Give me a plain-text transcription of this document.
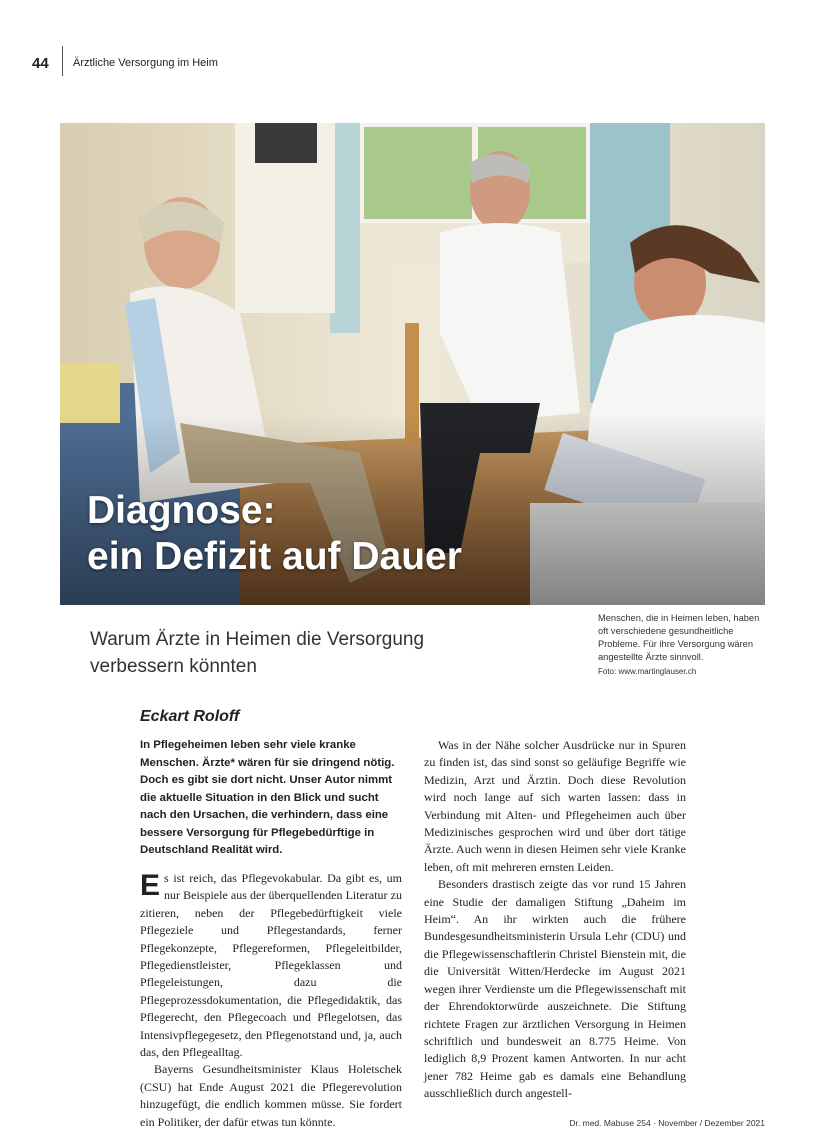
44 Ärztliche Versorgung im Heim
Diagnose:
ein Defizit auf Dauer
Menschen, die in Heimen leben, haben oft verschiedene gesundheitliche Probleme. Für ihre Versorgung wären angestellte Ärzte sinnvoll.
Foto: www.martinglauser.ch
Warum Ärzte in Heimen die Versorgung verbessern könnten
Eckart Roloff
In Pflegeheimen leben sehr viele kranke Menschen. Ärzte* wären für sie dringend nötig. Doch es gibt sie dort nicht. Unser Autor nimmt die aktuelle Situation in den Blick und sucht nach den Ursachen, die verhindern, dass eine bessere Versorgung für Pflegebedürftige in Deutschland Realität wird.

Es ist reich, das Pflegevokabular. Da gibt es, um nur Beispiele aus der überquellenden Literatur zu zitieren, neben der Pflegebedürftigkeit viele Pflegeziele und Pflegestandards, ferner Pflegekonzepte, Pflegereformen, Pflegeleitbilder, Pflegedienstleister, Pflegeklassen und Pflegeleistungen, dazu die Pflegeprozessdokumentation, die Pflegedidaktik, das Pflegerecht, den Pflegecoach und Pflegelotsen, das Intensivpflegegesetz, den Pflegenotstand und, ja, auch das, den Pflegealltag.

Bayerns Gesundheitsminister Klaus Holetschek (CSU) hat Ende August 2021 die Pflegerevolution hinzugefügt, die endlich kommen müsse. Sie fordert ein Politiker, der dafür etwas tun könnte.

Was in der Nähe solcher Ausdrücke nur in Spuren zu finden ist, das sind sonst so geläufige Begriffe wie Medizin, Arzt und Ärztin. Doch diese Revolution wird noch lange auf sich warten lassen: dass in Verbindung mit Alten- und Pflegeheimen auch über Medizinisches gesprochen wird und über dort tätige Ärzte. Auch wenn in diesen Heimen sehr viele Kranke leben, oft mit mehreren ernsten Leiden.

Besonders drastisch zeigte das vor rund 15 Jahren eine Studie der damaligen Stiftung „Daheim im Heim“. An ihr wirkten auch die frühere Bundesgesundheitsministerin Ursula Lehr (CDU) und die Pflegewissenschaftlerin Christel Bienstein mit, die die Universität Witten/Herdecke im August 2021 wegen ihrer Verdienste um die Pflegewissenschaft mit der Ehrendoktorwürde auszeichnete. Die Stiftung richtete Fragen zur ärztlichen Versorgung in Heimen schriftlich und bundesweit an 8.775 Heime. Von lediglich 8,9 Prozent kamen Antworten. In nur acht jener 782 Heime gab es damals eine Behandlung ausschließlich durch angestell-

Dr. med. Mabuse 254 · November / Dezember 2021
